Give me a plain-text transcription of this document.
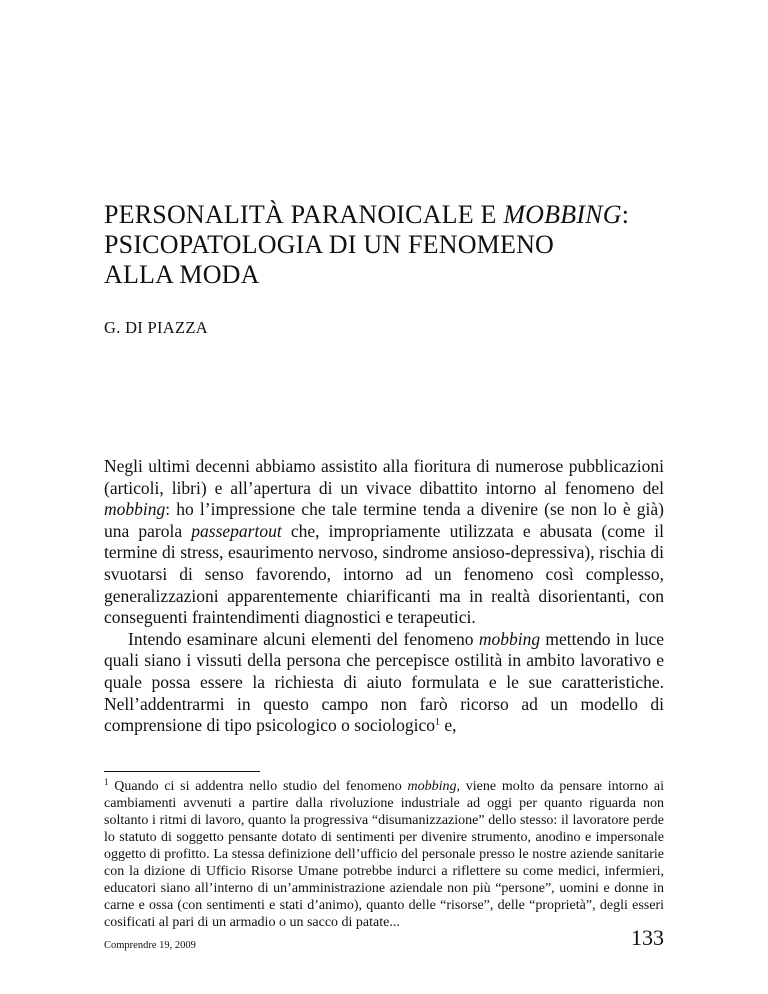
PERSONALITÀ PARANOICALE E MOBBING:
PSICOPATOLOGIA DI UN FENOMENO
ALLA MODA
G. DI PIAZZA

Negli ultimi decenni abbiamo assistito alla fioritura di numerose pubblicazioni (articoli, libri) e all’apertura di un vivace dibattito intorno al fenomeno del mobbing: ho l’impressione che tale termine tenda a divenire (se non lo è già) una parola passepartout che, impropriamente utilizzata e abusata (come il termine di stress, esaurimento nervoso, sindrome ansioso-depressiva), rischia di svuotarsi di senso favorendo, intorno ad un fenomeno così complesso, generalizzazioni apparentemente chiarificanti ma in realtà disorientanti, con conseguenti fraintendimenti diagnostici e terapeutici.

Intendo esaminare alcuni elementi del fenomeno mobbing mettendo in luce quali siano i vissuti della persona che percepisce ostilità in ambito lavorativo e quale possa essere la richiesta di aiuto formulata e le sue caratteristiche. Nell’addentrarmi in questo campo non farò ricorso ad un modello di comprensione di tipo psicologico o sociologico$^1$ e,

$^1$ Quando ci si addentra nello studio del fenomeno mobbing, viene molto da pensare intorno ai cambiamenti avvenuti a partire dalla rivoluzione industriale ad oggi per quanto riguarda non soltanto i ritmi di lavoro, quanto la progressiva “disumanizzazione” dello stesso: il lavoratore perde lo statuto di soggetto pensante dotato di sentimenti per divenire strumento, anodino e impersonale oggetto di profitto. La stessa definizione dell’ufficio del personale presso le nostre aziende sanitarie con la dizione di Ufficio Risorse Umane potrebbe indurci a riflettere su come medici, infermieri, educatori siano all’interno di un’amministrazione aziendale non più “persone”, uomini e donne in carne e ossa (con sentimenti e stati d’animo), quanto delle “risorse”, delle “proprietà”, degli esseri cosificati al pari di un armadio o un sacco di patate...
Comprendre 19, 2009	133
